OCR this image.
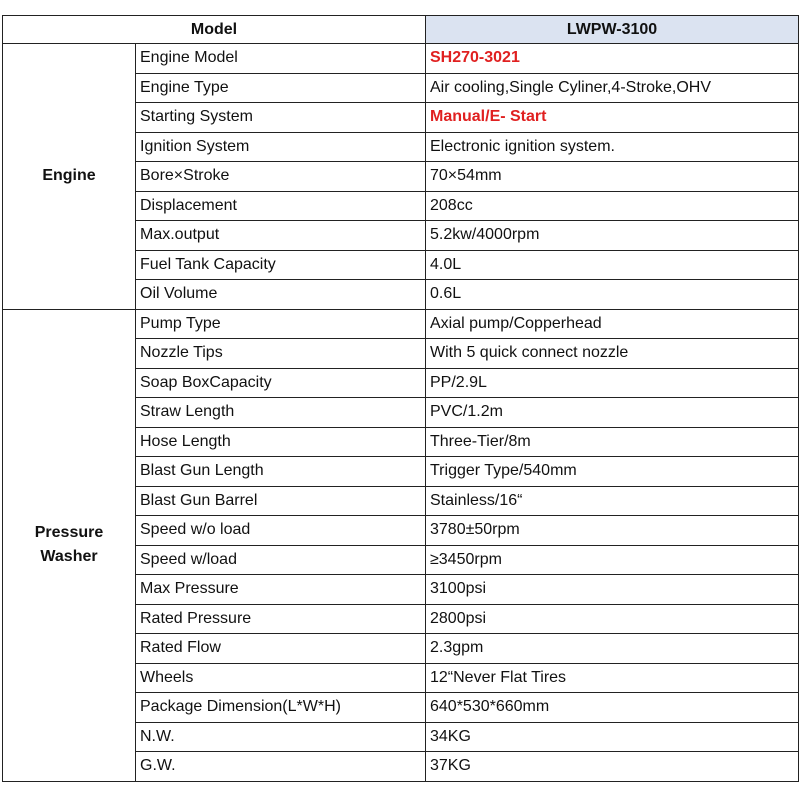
Model		LWPW-3100
Engine	Engine Model	SH270-3021
	Engine Type	Air cooling,Single Cyliner,4-Stroke,OHV
	Starting System	Manual/E- Start
	Ignition System	Electronic ignition system.
	Bore×Stroke	70×54mm
	Displacement	208cc
	Max.output	5.2kw/4000rpm
	Fuel Tank Capacity	4.0L
	Oil Volume	0.6L

Pressure
Washer	Pump Type	Axial pump/Copperhead
	Nozzle Tips	With 5 quick connect nozzle
	Soap BoxCapacity	PP/2.9L
	Straw Length	PVC/1.2m
	Hose Length	Three-Tier/8m
	Blast Gun Length	Trigger Type/540mm
	Blast Gun Barrel	Stainless/16“
	Speed w/o load	3780±50rpm
	Speed w/load	≥3450rpm
	Max Pressure	3100psi
	Rated Pressure	2800psi
	Rated Flow	2.3gpm
	Wheels	12“Never Flat Tires
	Package Dimension(L*W*H)	640*530*660mm
	N.W.	34KG
	G.W.	37KG
